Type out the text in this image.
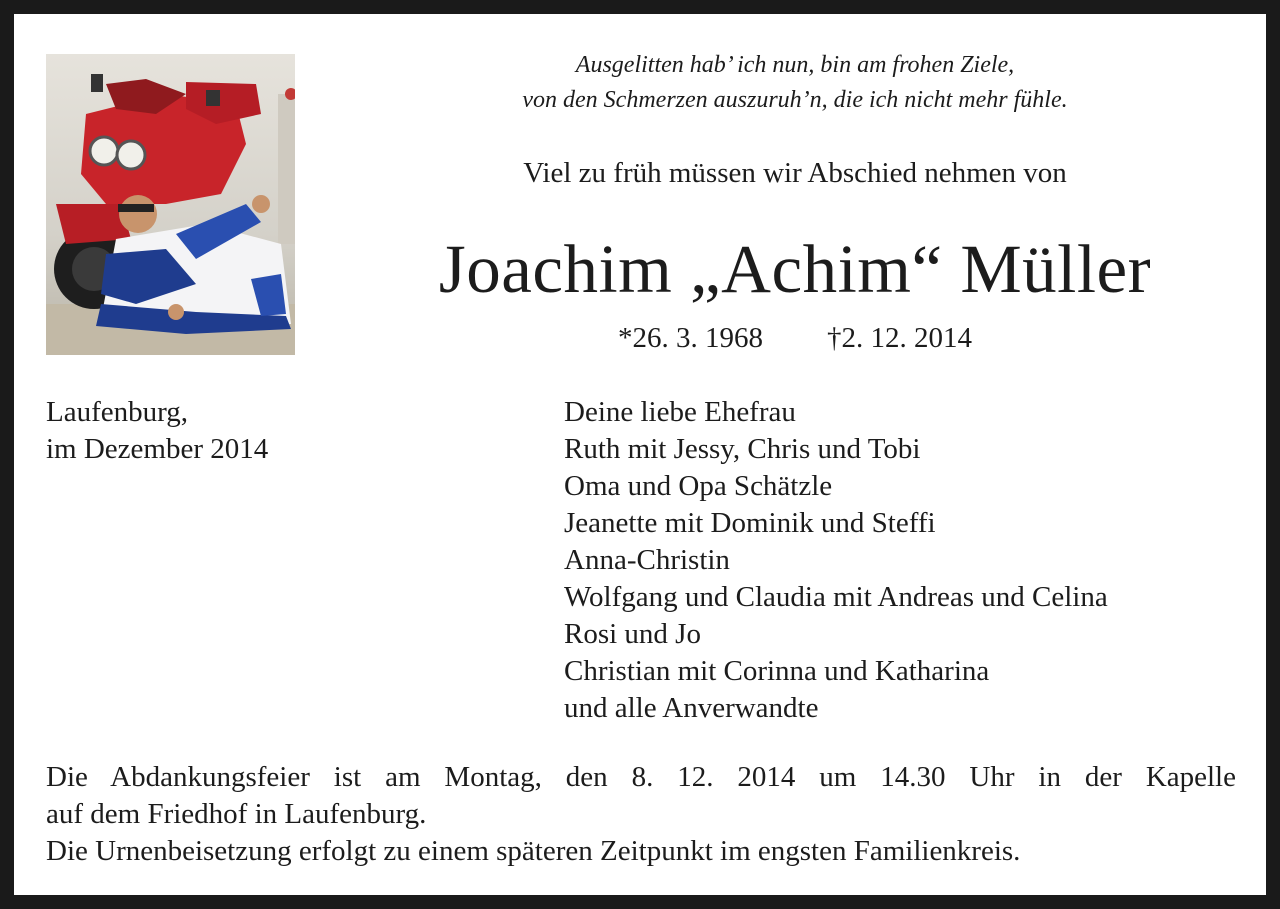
Ausgelitten hab’ ich nun, bin am frohen Ziele,
von den Schmerzen auszuruh’n, die ich nicht mehr fühle.
Viel zu früh müssen wir Abschied nehmen von
Joachim „Achim“ Müller
*26. 3. 1968 †2. 12. 2014
Laufenburg,
im Dezember 2014
Deine liebe Ehefrau
Ruth mit Jessy, Chris und Tobi
Oma und Opa Schätzle
Jeanette mit Dominik und Steffi
Anna-Christin
Wolfgang und Claudia mit Andreas und Celina
Rosi und Jo
Christian mit Corinna und Katharina
und alle Anverwandte
Die Abdankungsfeier ist am Montag, den 8. 12. 2014 um 14.30 Uhr in der Kapelle
auf dem Friedhof in Laufenburg.
Die Urnenbeisetzung erfolgt zu einem späteren Zeitpunkt im engsten Familienkreis.
